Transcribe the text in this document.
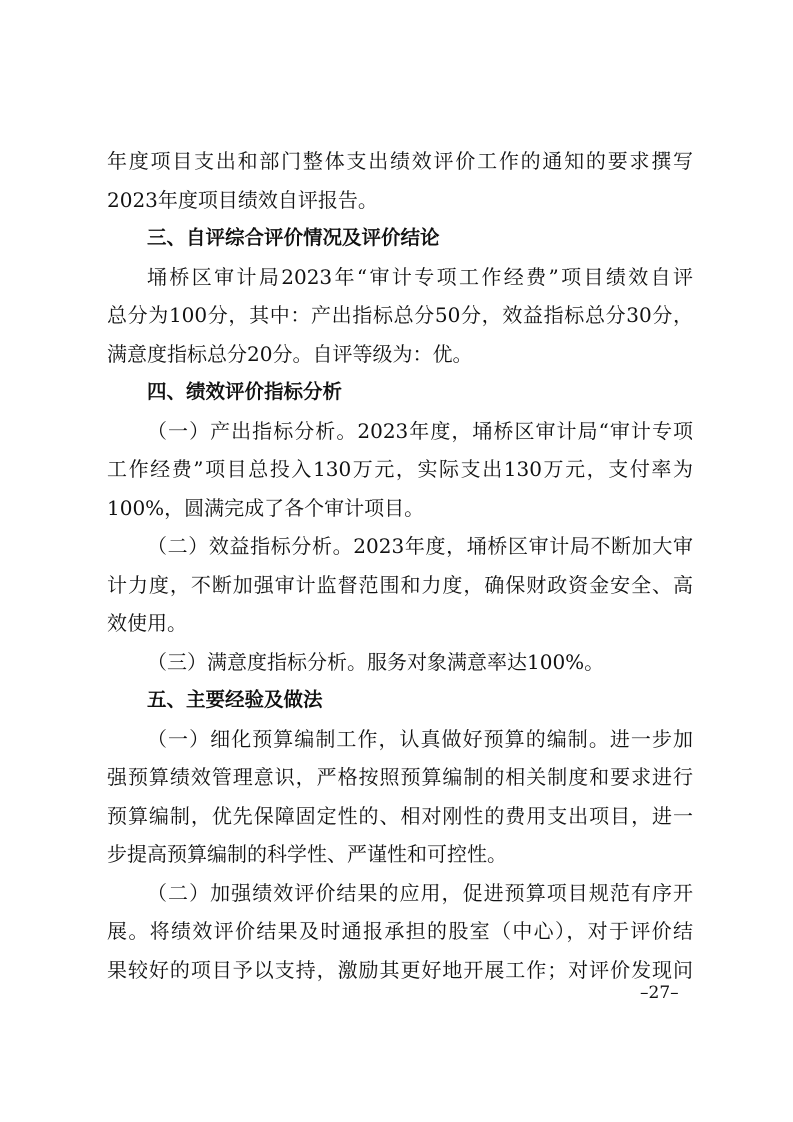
年度项目支出和部门整体支出绩效评价工作的通知的要求撰写
2023年度项目绩效自评报告。
三、自评综合评价情况及评价结论
埇桥区审计局2023年“审计专项工作经费”项目绩效自评
总分为100分，其中：产出指标总分50分，效益指标总分30分，
满意度指标总分20分。自评等级为：优。
四、绩效评价指标分析
（一）产出指标分析。2023年度，埇桥区审计局“审计专项
工作经费”项目总投入130万元，实际支出130万元，支付率为
100%，圆满完成了各个审计项目。
（二）效益指标分析。2023年度，埇桥区审计局不断加大审
计力度，不断加强审计监督范围和力度，确保财政资金安全、高
效使用。
（三）满意度指标分析。服务对象满意率达100%。
五、主要经验及做法
（一）细化预算编制工作，认真做好预算的编制。进一步加
强预算绩效管理意识，严格按照预算编制的相关制度和要求进行
预算编制，优先保障固定性的、相对刚性的费用支出项目，进一
步提高预算编制的科学性、严谨性和可控性。
（二）加强绩效评价结果的应用，促进预算项目规范有序开
展。将绩效评价结果及时通报承担的股室（中心），对于评价结
果较好的项目予以支持，激励其更好地开展工作；对评价发现问
–27–
